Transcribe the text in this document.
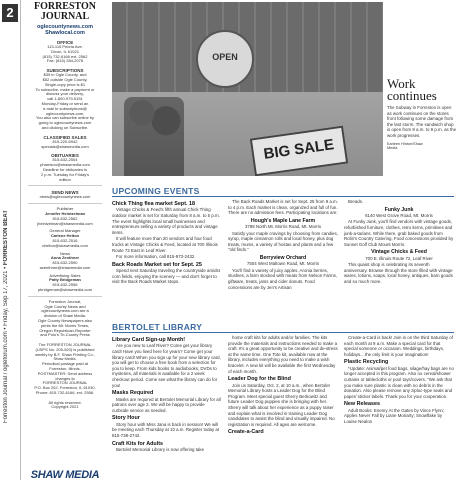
2
Forreston Journal / ogleforum.com • Friday, Sep 17, 2021 • FORRESTON BEAT
FORRESTON
JOURNAL
oglecountynews.com
Shawlocal.com
OFFICE
113-115 Peoria Ave.
Dixon, IL 61021
(815) 732-6166 ext. 2562
Fax: (815) 284-2078
SUBSCRIPTIONS
$39 in Ogle County, and
$52 outside Ogle County.
Single-copy price is $1
To subscribe, make a payment or
discuss your delivery,
call 1-800-979-5151
Monday-Friday or send an
e-mail to subscriptions@
oglecountynews.com.
You also can subscribe online by
going to oglecountynews.com
and clicking on Subscribe.
CLASSIFIED SALES
815-220-6942
specials@shawmedia.com
OBITUARIES
815-632-2504
pharrison@shawmedia.com
Deadline for obituaries is
2 p.m. Tuesday for Friday's
edition
SEND NEWS
news@oglecountynews.com
Publisher
Jennifer Heintzelman
815-632-2562
jheintzelman@shawmedia.com
General Manager
Carlene Helton
815-632-2516
chelton@shawmedia.com
News
Anna Zenthner
815-632-2590
azenthner@shawmedia.com
Advertising Sales
Patty Bridgeman
815-632-2556
pbridgeman@shawmedia.com
Forreston Journal,
Ogle County News and
oglecountynews.com are a
division of Shaw Media.
Ogle County Newspapers also
prints the Mt. Morris Times,
Oregon Republican-Reporter
and Polo's Tri-County Press

The FORRESTON JOURNAL
(USPS No. 205-520) is published
weekly by B.F. Shaw Printing Co.,
Shaw Media.
Periodical postage paid at
Forreston, Illinois.
POSTMASTER: Send address
changes to
FORRESTON JOURNAL
P.O. Box 202, Forreston, IL 61030.
Phone: 815-732-6166, ext. 2556.

All rights reserved.
Copyright 2021
SHAW MEDIA
OPEN
BIG SALE
Work
continues
The Subway in Forreston is open as work continues on the stores front following some damage from the last storm. The sandwich shop is open from 9 a.m. to 9 p.m. as the work progresses.
Earleen Hinton/Shaw
Media
UPCOMING EVENTS
Chick Thing flea market Sept. 18

Vintage Chicks & Feed's fifth annual Chick Thing outdoor market is set for Saturday from 8 a.m. to 5 p.m. The event highlights local small businesses and entrepreneurs selling a variety of products and vintage items.

It will feature more than 20 vendors and four food trucks at Vintage Chicks & Feed, located at 700 Illinois Route 72 East in Leaf River.

For more information, call 815-973-2432.

Back Roads Market set for Sept. 25

Spend next Saturday traveling the countryside amidst corn fields, enjoying the scenery — and don't forget to visit the Back Roads Market stops.

The Back Roads Market is set for Sept. 25 from 9 a.m. to 4 p.m. Each market is clean, organized and full of fun. There are no admission fees. Participating locations are:

Hough's Maple Lane Farm

3788 North Mt. Morris Road, Mt. Morris

Satisfy your maple cravings by choosing from candies, syrup, maple cinnamon rolls and local honey, plus dog treats, mums, a variety of hostas and plants and a few "old finds."

Berryview Orchard

7504 West Maltown Road, Mt. Morris

You'll find a variety of juicy apples, Aronia berries, slushies, a farm stocked with meats from Nelson Farms, giftware, treats, jams and cider donuts. Food concessions are by Jen's Artisan

Breads.

Funky Junk

6140 West Grove Road, Mt. Morris

At Funky Junk, you'll find vendors with vintage goods, refurbished furniture, clothes, retro items, primitives and junk-a-tarians. While there, grab baked goods from Rolin's Country Catering. Food concessions provided by Sunset Golf Club Mount Morris.

Vintage Chicks & Feed

700 E. Illinois Route 72, Leaf River

This quaint shop is celebrating its seventh anniversary. Browse through the store filled with vintage wares, lotions, soaps, local honey, antiques, barn goods and so much more.

BERTOLET LIBRARY
Library Card Sign-up Month!

Are you new to Leaf River? Come get your library card! Have you lived here for years? Come get your library card! When you sign up for your new library card, you will get to choose a free book from a selection for you to keep. From kids books to audiobooks, DVDs to mysteries, all materials is available for a 2 week checkout period. Come see what the library can do for you!

Masks Required

Masks are required at Bertolet Memorial Library for all patrons over age 2. We will be happy to provide curbside service as needed.

Story Hour

Story hour with Miss Jana is back in session! We will be meeting each Thursday at 10 a.m. Register today at 815-738-2742.

Craft Kits for Adults

Bertolet Memorial Library is now offering take

home craft kits for adults and/or families. The kits provide the materials and instructions needed to make a craft. It's a great opportunity to be creative and de-stress at the same time. One Tote kit, available now at the library, includes everything you need to make a wish bracelet. A new kit will be available the first Wednesday of each month.

Leader Dog for the Blind

Join us Saturday, Oct. 2, at 10 a.m., when Bertolet Memorial Library hosts a Leader Dog for the Blind Program. Meet special guest Sherry Berkowitz and future Leader Dog puppies she is bringing with her. Sherry will talk about her experience as a puppy raiser and explain what is involved in training Leader Dog candidates to assist the blind and visually impaired. No registration is required. All ages are welcome.

Create-a-Card

Create-a-Card is back! Join in on the third Saturday of each month at 9 a.m. Make a special card for that special someone or occasion. Weddings, birthdays, holidays... the only limit is your imagination!

Plastic Recycling

*Update: Animal/pet food bags, silage/hay bags are no longer accepted in this program. Also no cereal/shower curtains or tablecloths or pool toys/covers. "We ask that you make sure plastic is clean with no debris in the donation. Also please remove any ziploc-type seals and paper/ sticker labels. Thank you for your cooperation.

New Releases

Adult Books: Enemy At the Gates by Vince Flynn; Apples Never Fall by Liane Moriarty; Snowflake by Louise Nealon
